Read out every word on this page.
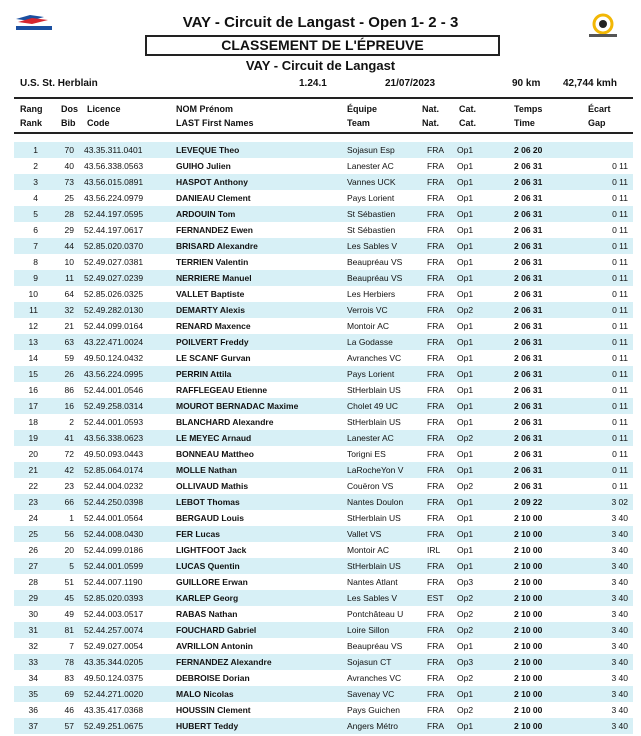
VAY - Circuit de Langast - Open 1- 2 - 3
CLASSEMENT DE L'ÉPREUVE
VAY - Circuit de Langast
U.S. St. Herblain	1.24.1	21/07/2023	90 km 42,744 kmh
Rang Dos Licence	NOM Prénom	Équipe	Nat. Cat.	Temps	Écart
Rank Bib Code	LAST First Names	Team	Nat. Cat.	Time	Gap
1	70 43.35.311.0401	LEVEQUE Theo	Sojasun Esp	FRA	Op1	2 06 20
2	40 43.56.338.0563	GUIHO Julien	Lanester AC	FRA	Op1	2 06 31	0 11
3	73 43.56.015.0891	HASPOT Anthony	Vannes UCK	FRA	Op1	2 06 31	0 11
4	25 43.56.224.0979	DANIEAU Clement	Pays Lorient	FRA	Op1	2 06 31	0 11
5	28 52.44.197.0595	ARDOUIN Tom	St Sébastien	FRA	Op1	2 06 31	0 11
6	29 52.44.197.0617	FERNANDEZ Ewen	St Sébastien	FRA	Op1	2 06 31	0 11
7	44 52.85.020.0370	BRISARD Alexandre	Les Sables V	FRA	Op1	2 06 31	0 11
8	10 52.49.027.0381	TERRIEN Valentin	Beaupréau VS	FRA	Op1	2 06 31	0 11
9	11 52.49.027.0239	NERRIERE Manuel	Beaupréau VS	FRA	Op1	2 06 31	0 11
10	64 52.85.026.0325	VALLET Baptiste	Les Herbiers	FRA	Op1	2 06 31	0 11
11	32 52.49.282.0130	DEMARTY Alexis	Verrois VC	FRA	Op2	2 06 31	0 11
12	21 52.44.099.0164	RENARD Maxence	Montoir AC	FRA	Op1	2 06 31	0 11
13	63 43.22.471.0024	POILVERT Freddy	La Godasse	FRA	Op1	2 06 31	0 11
14	59 49.50.124.0432	LE SCANF Gurvan	Avranches VC	FRA	Op1	2 06 31	0 11
15	26 43.56.224.0995	PERRIN Attila	Pays Lorient	FRA	Op1	2 06 31	0 11
16	86 52.44.001.0546	RAFFLEGEAU Etienne	StHerblain US	FRA	Op1	2 06 31	0 11
17	16 52.49.258.0314	MOUROT BERNADAC Maxime	Cholet 49 UC	FRA	Op1	2 06 31	0 11
18	2 52.44.001.0593	BLANCHARD Alexandre	StHerblain US	FRA	Op1	2 06 31	0 11
19	41 43.56.338.0623	LE MEYEC Arnaud	Lanester AC	FRA	Op2	2 06 31	0 11
20	72 49.50.093.0443	BONNEAU Mattheo	Torigni ES	FRA	Op1	2 06 31	0 11
21	42 52.85.064.0174	MOLLE Nathan	LaRocheYon V	FRA	Op1	2 06 31	0 11
22	23 52.44.004.0232	OLLIVAUD Mathis	Couëron VS	FRA	Op2	2 06 31	0 11
23	66 52.44.250.0398	LEBOT Thomas	Nantes Doulon	FRA	Op1	2 09 22	3 02
24	1 52.44.001.0564	BERGAUD Louis	StHerblain US	FRA	Op1	2 10 00	3 40
25	56 52.44.008.0430	FER Lucas	Vallet VS	FRA	Op1	2 10 00	3 40
26	20 52.44.099.0186	LIGHTFOOT Jack	Montoir AC	IRL	Op1	2 10 00	3 40
27	5 52.44.001.0599	LUCAS Quentin	StHerblain US	FRA	Op1	2 10 00	3 40
28	51 52.44.007.1190	GUILLORE Erwan	Nantes Atlant	FRA	Op3	2 10 00	3 40
29	45 52.85.020.0393	KARLEP Georg	Les Sables V	EST	Op2	2 10 00	3 40
30	49 52.44.003.0517	RABAS Nathan	Pontchâteau U	FRA	Op2	2 10 00	3 40
31	81 52.44.257.0074	FOUCHARD Gabriel	Loire Sillon	FRA	Op2	2 10 00	3 40
32	7 52.49.027.0054	AVRILLON Antonin	Beaupréau VS	FRA	Op1	2 10 00	3 40
33	78 43.35.344.0205	FERNANDEZ Alexandre	Sojasun CT	FRA	Op3	2 10 00	3 40
34	83 49.50.124.0375	DEBROISE Dorian	Avranches VC	FRA	Op2	2 10 00	3 40
35	69 52.44.271.0020	MALO Nicolas	Savenay VC	FRA	Op1	2 10 00	3 40
36	46 43.35.417.0368	HOUSSIN Clement	Pays Guichen	FRA	Op2	2 10 00	3 40
37	57 52.49.251.0675	HUBERT Teddy	Angers Métro	FRA	Op1	2 10 00	3 40
